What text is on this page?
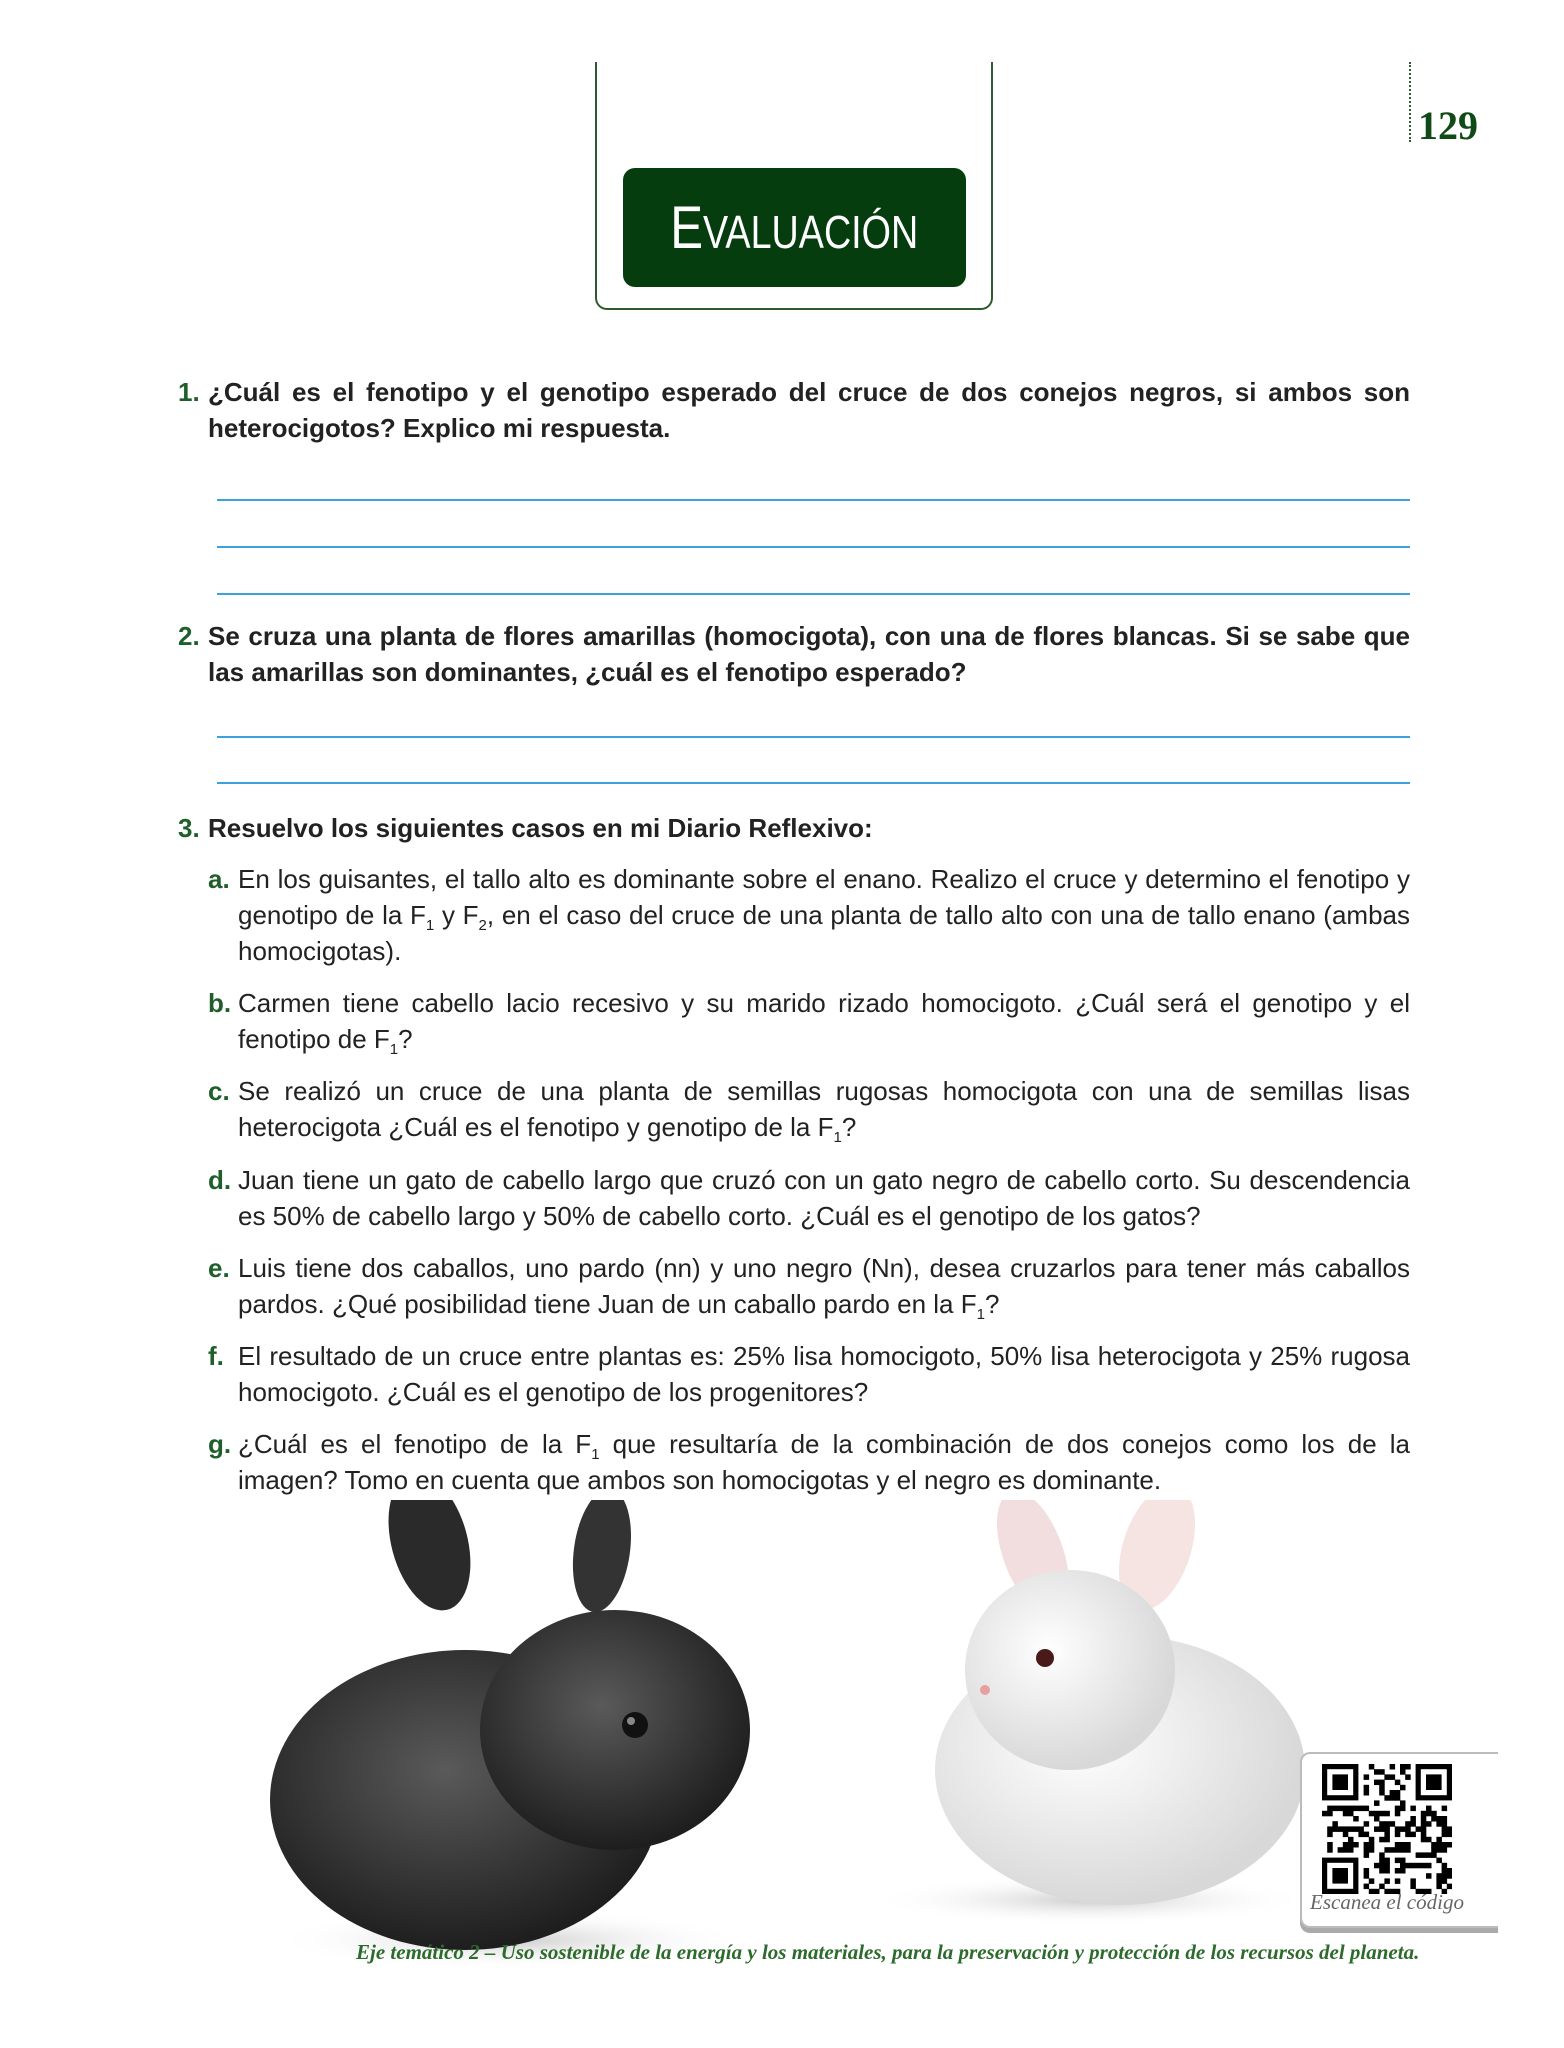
EVALUACIÓN
129
1. ¿Cuál es el fenotipo y el genotipo esperado del cruce de dos conejos negros, si ambos son heterocigotos? Explico mi respuesta.
2. Se cruza una planta de flores amarillas (homocigota), con una de flores blancas. Si se sabe que las amarillas son dominantes, ¿cuál es el fenotipo esperado?
3. Resuelvo los siguientes casos en mi Diario Reflexivo:
a. En los guisantes, el tallo alto es dominante sobre el enano. Realizo el cruce y determino el fenotipo y genotipo de la $F_1$ y $F_2$, en el caso del cruce de una planta de tallo alto con una de tallo enano (ambas homocigotas).
b. Carmen tiene cabello lacio recesivo y su marido rizado homocigoto. ¿Cuál será el genotipo y el fenotipo de $F_1$?
c. Se realizó un cruce de una planta de semillas rugosas homocigota con una de semillas lisas heterocigota ¿Cuál es el fenotipo y genotipo de la $F_1$?
d. Juan tiene un gato de cabello largo que cruzó con un gato negro de cabello corto. Su descendencia es 50% de cabello largo y 50% de cabello corto. ¿Cuál es el genotipo de los gatos?
e. Luis tiene dos caballos, uno pardo (nn) y uno negro (Nn), desea cruzarlos para tener más caballos pardos. ¿Qué posibilidad tiene Juan de un caballo pardo en la $F_1$?
f. El resultado de un cruce entre plantas es: 25% lisa homocigoto, 50% lisa heterocigota y 25% rugosa homocigoto. ¿Cuál es el genotipo de los progenitores?
g. ¿Cuál es el fenotipo de la $F_1$ que resultaría de la combinación de dos conejos como los de la imagen? Tomo en cuenta que ambos son homocigotas y el negro es dominante.
Escanea el código
Eje temático 2 – Uso sostenible de la energía y los materiales, para la preservación y protección de los recursos del planeta.
